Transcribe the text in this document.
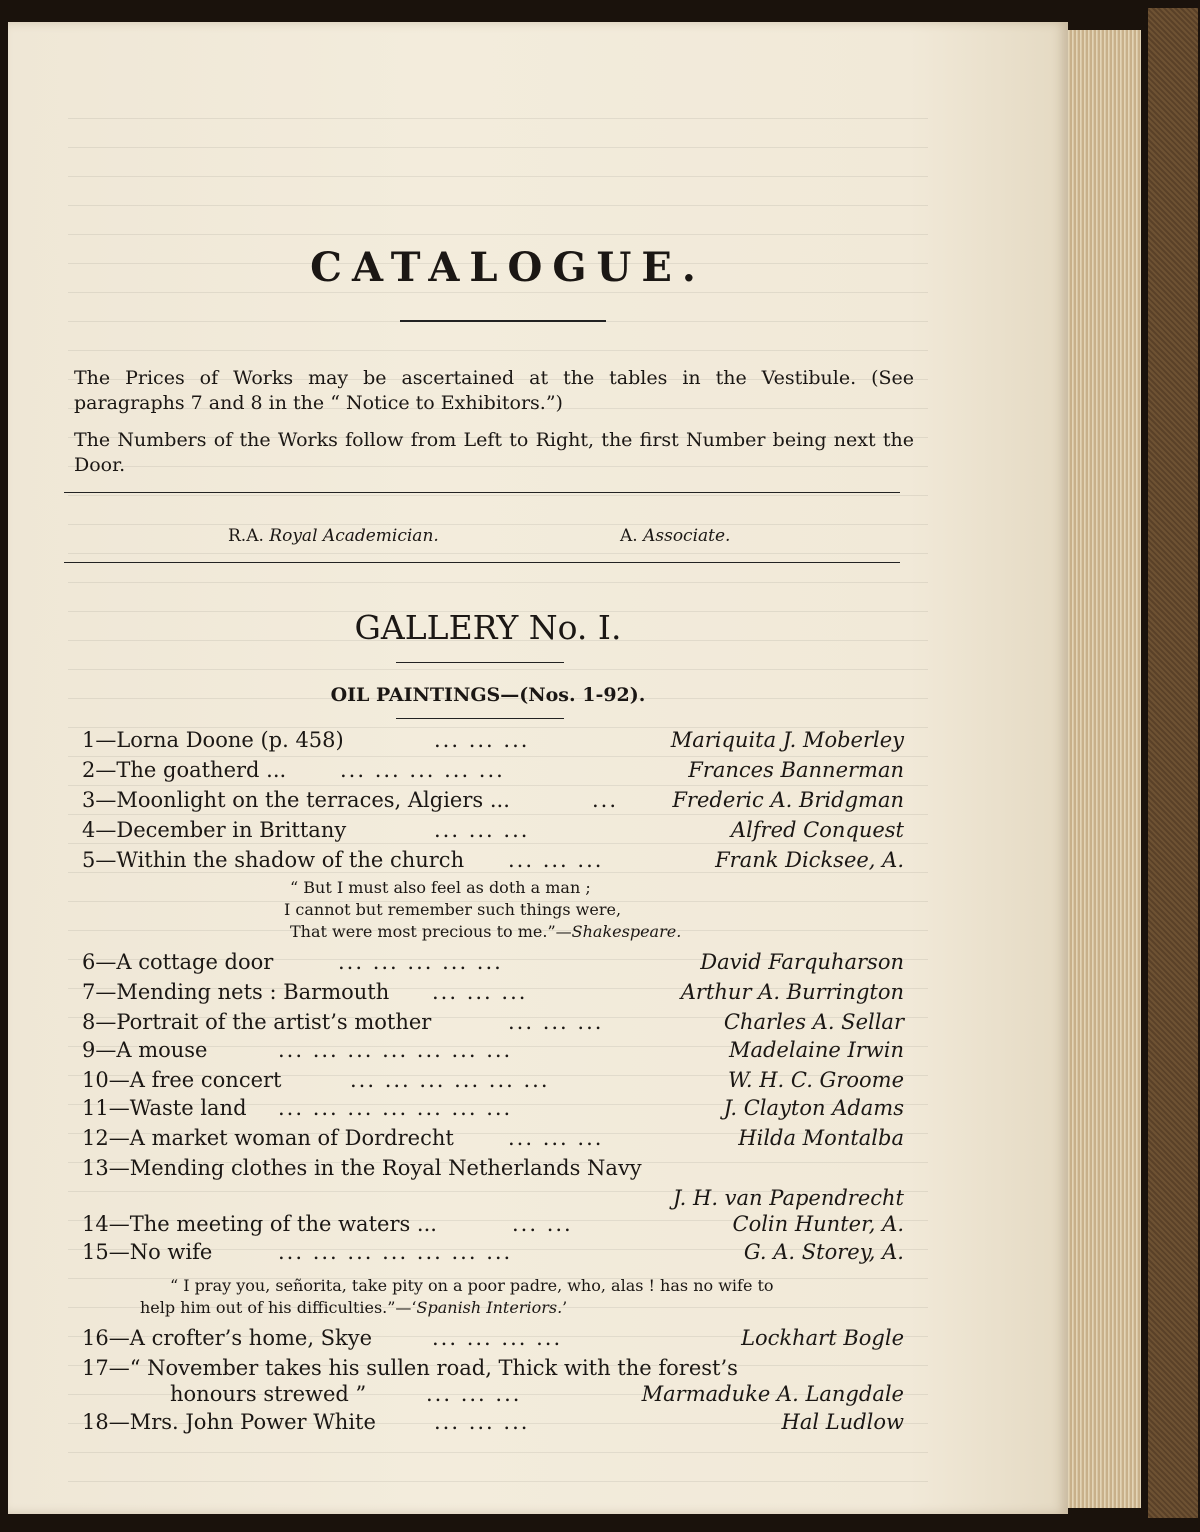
CATALOGUE.
The Prices of Works may be ascertained at the tables in the Vestibule. (See paragraphs 7 and 8 in the “ Notice to Exhibitors.”)
The Numbers of the Works follow from Left to Right, the first Number being next the Door.
R.A. Royal Academician.	A. Associate.
GALLERY No. I.
OIL PAINTINGS—(Nos. 1-92).
1—Lorna Doone (p. 458)	... ... ...	Mariquita J. Moberley
2—The goatherd ...	... ... ... ... ...	Frances Bannerman
3—Moonlight on the terraces, Algiers ...	...	Frederic A. Bridgman
4—December in Brittany	... ... ...	Alfred Conquest
5—Within the shadow of the church ... ... ...	Frank Dicksee, A.
“ But I must also feel as doth a man ;
I cannot but remember such things were,
That were most precious to me.”—Shakespeare.
6—A cottage door	... ... ... ... ...	David Farquharson
7—Mending nets : Barmouth ... ... ...	Arthur A. Burrington
8—Portrait of the artist’s mother	... ... ...	Charles A. Sellar
9—A mouse	... ... ... ... ... ... ...	Madelaine Irwin
10—A free concert	... ... ... ... ... ...	W. H. C. Groome
11—Waste land ... ... ... ... ... ... ...	J. Clayton Adams
12—A market woman of Dordrecht	... ... ...	Hilda Montalba
13—Mending clothes in the Royal Netherlands Navy
J. H. van Papendrecht
14—The meeting of the waters ...	... ...	Colin Hunter, A.
15—No wife	... ... ... ... ... ... ...	G. A. Storey, A.
“ I pray you, señorita, take pity on a poor padre, who, alas ! has no wife to
help him out of his difficulties.”—‘Spanish Interiors.’
16—A crofter’s home, Skye	... ... ... ...	Lockhart Bogle
17—“ November takes his sullen road, Thick with the forest’s
honours strewed ”	... ... ...	Marmaduke A. Langdale
18—Mrs. John Power White	... ... ...	Hal Ludlow
